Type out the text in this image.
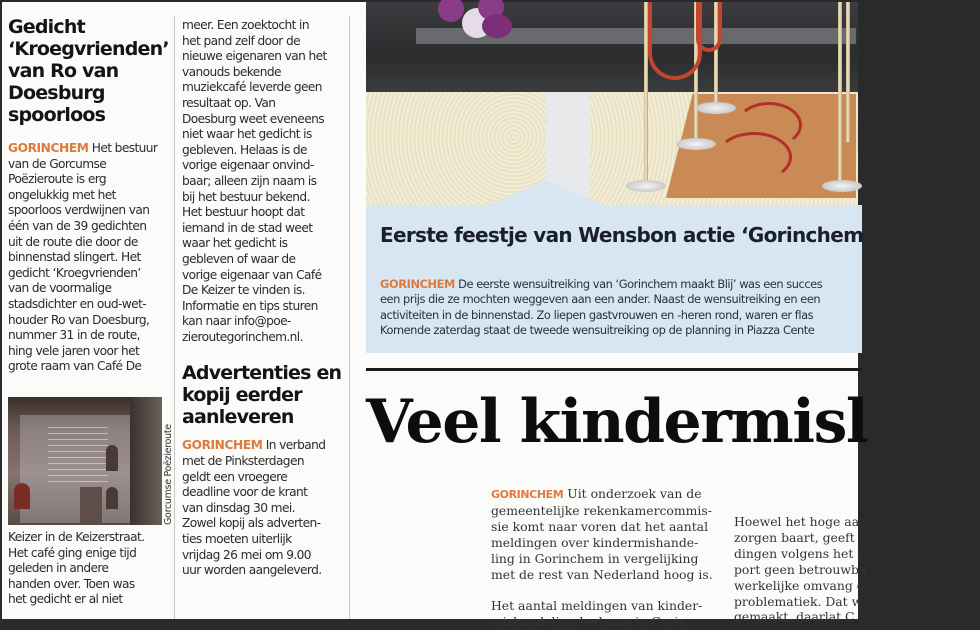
Gedicht
‘Kroegvrienden’
van Ro van
Doesburg
spoorloos
GORINCHEM Het bestuur
van de Gorcumse
Poëzieroute is erg
ongelukkig met het
spoorloos verdwijnen van
één van de 39 gedichten
uit de route die door de
binnenstad slingert. Het
gedicht ‘Kroegvrienden’
van de voormalige
stadsdichter en oud-wet-
houder Ro van Doesburg,
nummer 31 in de route,
hing vele jaren voor het
grote raam van Café De
Gorcumse Poëzieroute
Keizer in de Keizerstraat.
Het café ging enige tijd
geleden in andere
handen over. Toen was
het gedicht er al niet
meer. Een zoektocht in
het pand zelf door de
nieuwe eigenaren van het
vanouds bekende
muziekcafé leverde geen
resultaat op. Van
Doesburg weet eveneens
niet waar het gedicht is
gebleven. Helaas is de
vorige eigenaar onvind-
baar; alleen zijn naam is
bij het bestuur bekend.
Het bestuur hoopt dat
iemand in de stad weet
waar het gedicht is
gebleven of waar de
vorige eigenaar van Café
De Keizer te vinden is.
Informatie en tips sturen
kan naar info@poe-
zieroutegorinchem.nl.
Advertenties en
kopij eerder
aanleveren
GORINCHEM In verband
met de Pinksterdagen
geldt een vroegere
deadline voor de krant
van dinsdag 30 mei.
Zowel kopij als adverten-
ties moeten uiterlijk
vrijdag 26 mei om 9.00
uur worden aangeleverd.
Eerste feestje van Wensbon actie ‘Gorinchem
GORINCHEM De eerste wensuitreiking van ‘Gorinchem maakt Blij’ was een succes
een prijs die ze mochten weggeven aan een ander. Naast de wensuitreiking en een
activiteiten in de binnenstad. Zo liepen gastvrouwen en -heren rond, waren er flas
Komende zaterdag staat de tweede wensuitreiking op de planning in Piazza Cente
Veel kindermisl
GORINCHEM Uit onderzoek van de
gemeentelijke rekenkamercommis-
sie komt naar voren dat het aantal
meldingen over kindermishande-
ling in Gorinchem in vergelijking
met de rest van Nederland hoog is.
Het aantal meldingen van kinder-
mishandeling bedraag in Gorin
Hoewel het hoge aa
zorgen baart, geeft
dingen volgens het r
port geen betrouwba
werkelijke omvang c
problematiek. Dat w
gemaakt, daarlat C
